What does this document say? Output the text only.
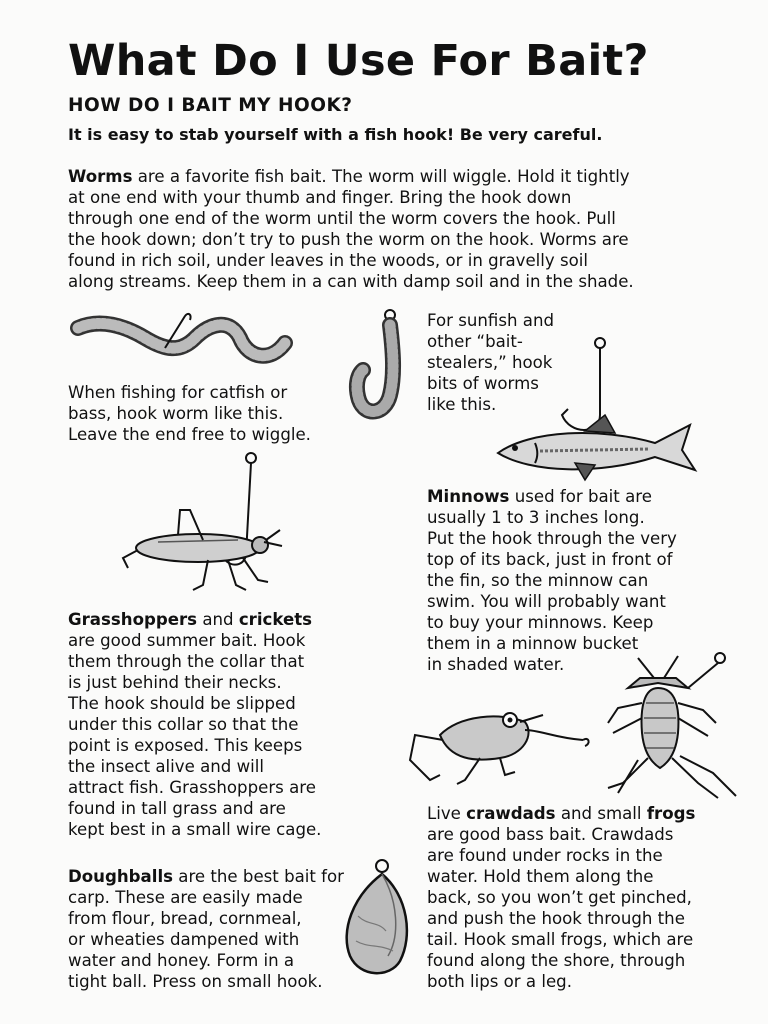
What Do I Use For Bait?
HOW DO I BAIT MY HOOK?
It is easy to stab yourself with a fish hook! Be very careful.
Worms are a favorite fish bait. The worm will wiggle. Hold it tightly
at one end with your thumb and finger. Bring the hook down
through one end of the worm until the worm covers the hook. Pull
the hook down; don’t try to push the worm on the hook. Worms are
found in rich soil, under leaves in the woods, or in gravelly soil
along streams. Keep them in a can with damp soil and in the shade.
When fishing for catfish or
bass, hook worm like this.
Leave the end free to wiggle.
For sunfish and
other “bait-
stealers,” hook
bits of worms
like this.
Minnows used for bait are
usually 1 to 3 inches long.
Put the hook through the very
top of its back, just in front of
the fin, so the minnow can
swim. You will probably want
to buy your minnows. Keep
them in a minnow bucket
in shaded water.
Grasshoppers and crickets
are good summer bait. Hook
them through the collar that
is just behind their necks.
The hook should be slipped
under this collar so that the
point is exposed. This keeps
the insect alive and will
attract fish. Grasshoppers are
found in tall grass and are
kept best in a small wire cage.
Live crawdads and small frogs
are good bass bait. Crawdads
are found under rocks in the
water. Hold them along the
back, so you won’t get pinched,
and push the hook through the
tail. Hook small frogs, which are
found along the shore, through
both lips or a leg.
Doughballs are the best bait for
carp. These are easily made
from flour, bread, cornmeal,
or wheaties dampened with
water and honey. Form in a
tight ball. Press on small hook.
